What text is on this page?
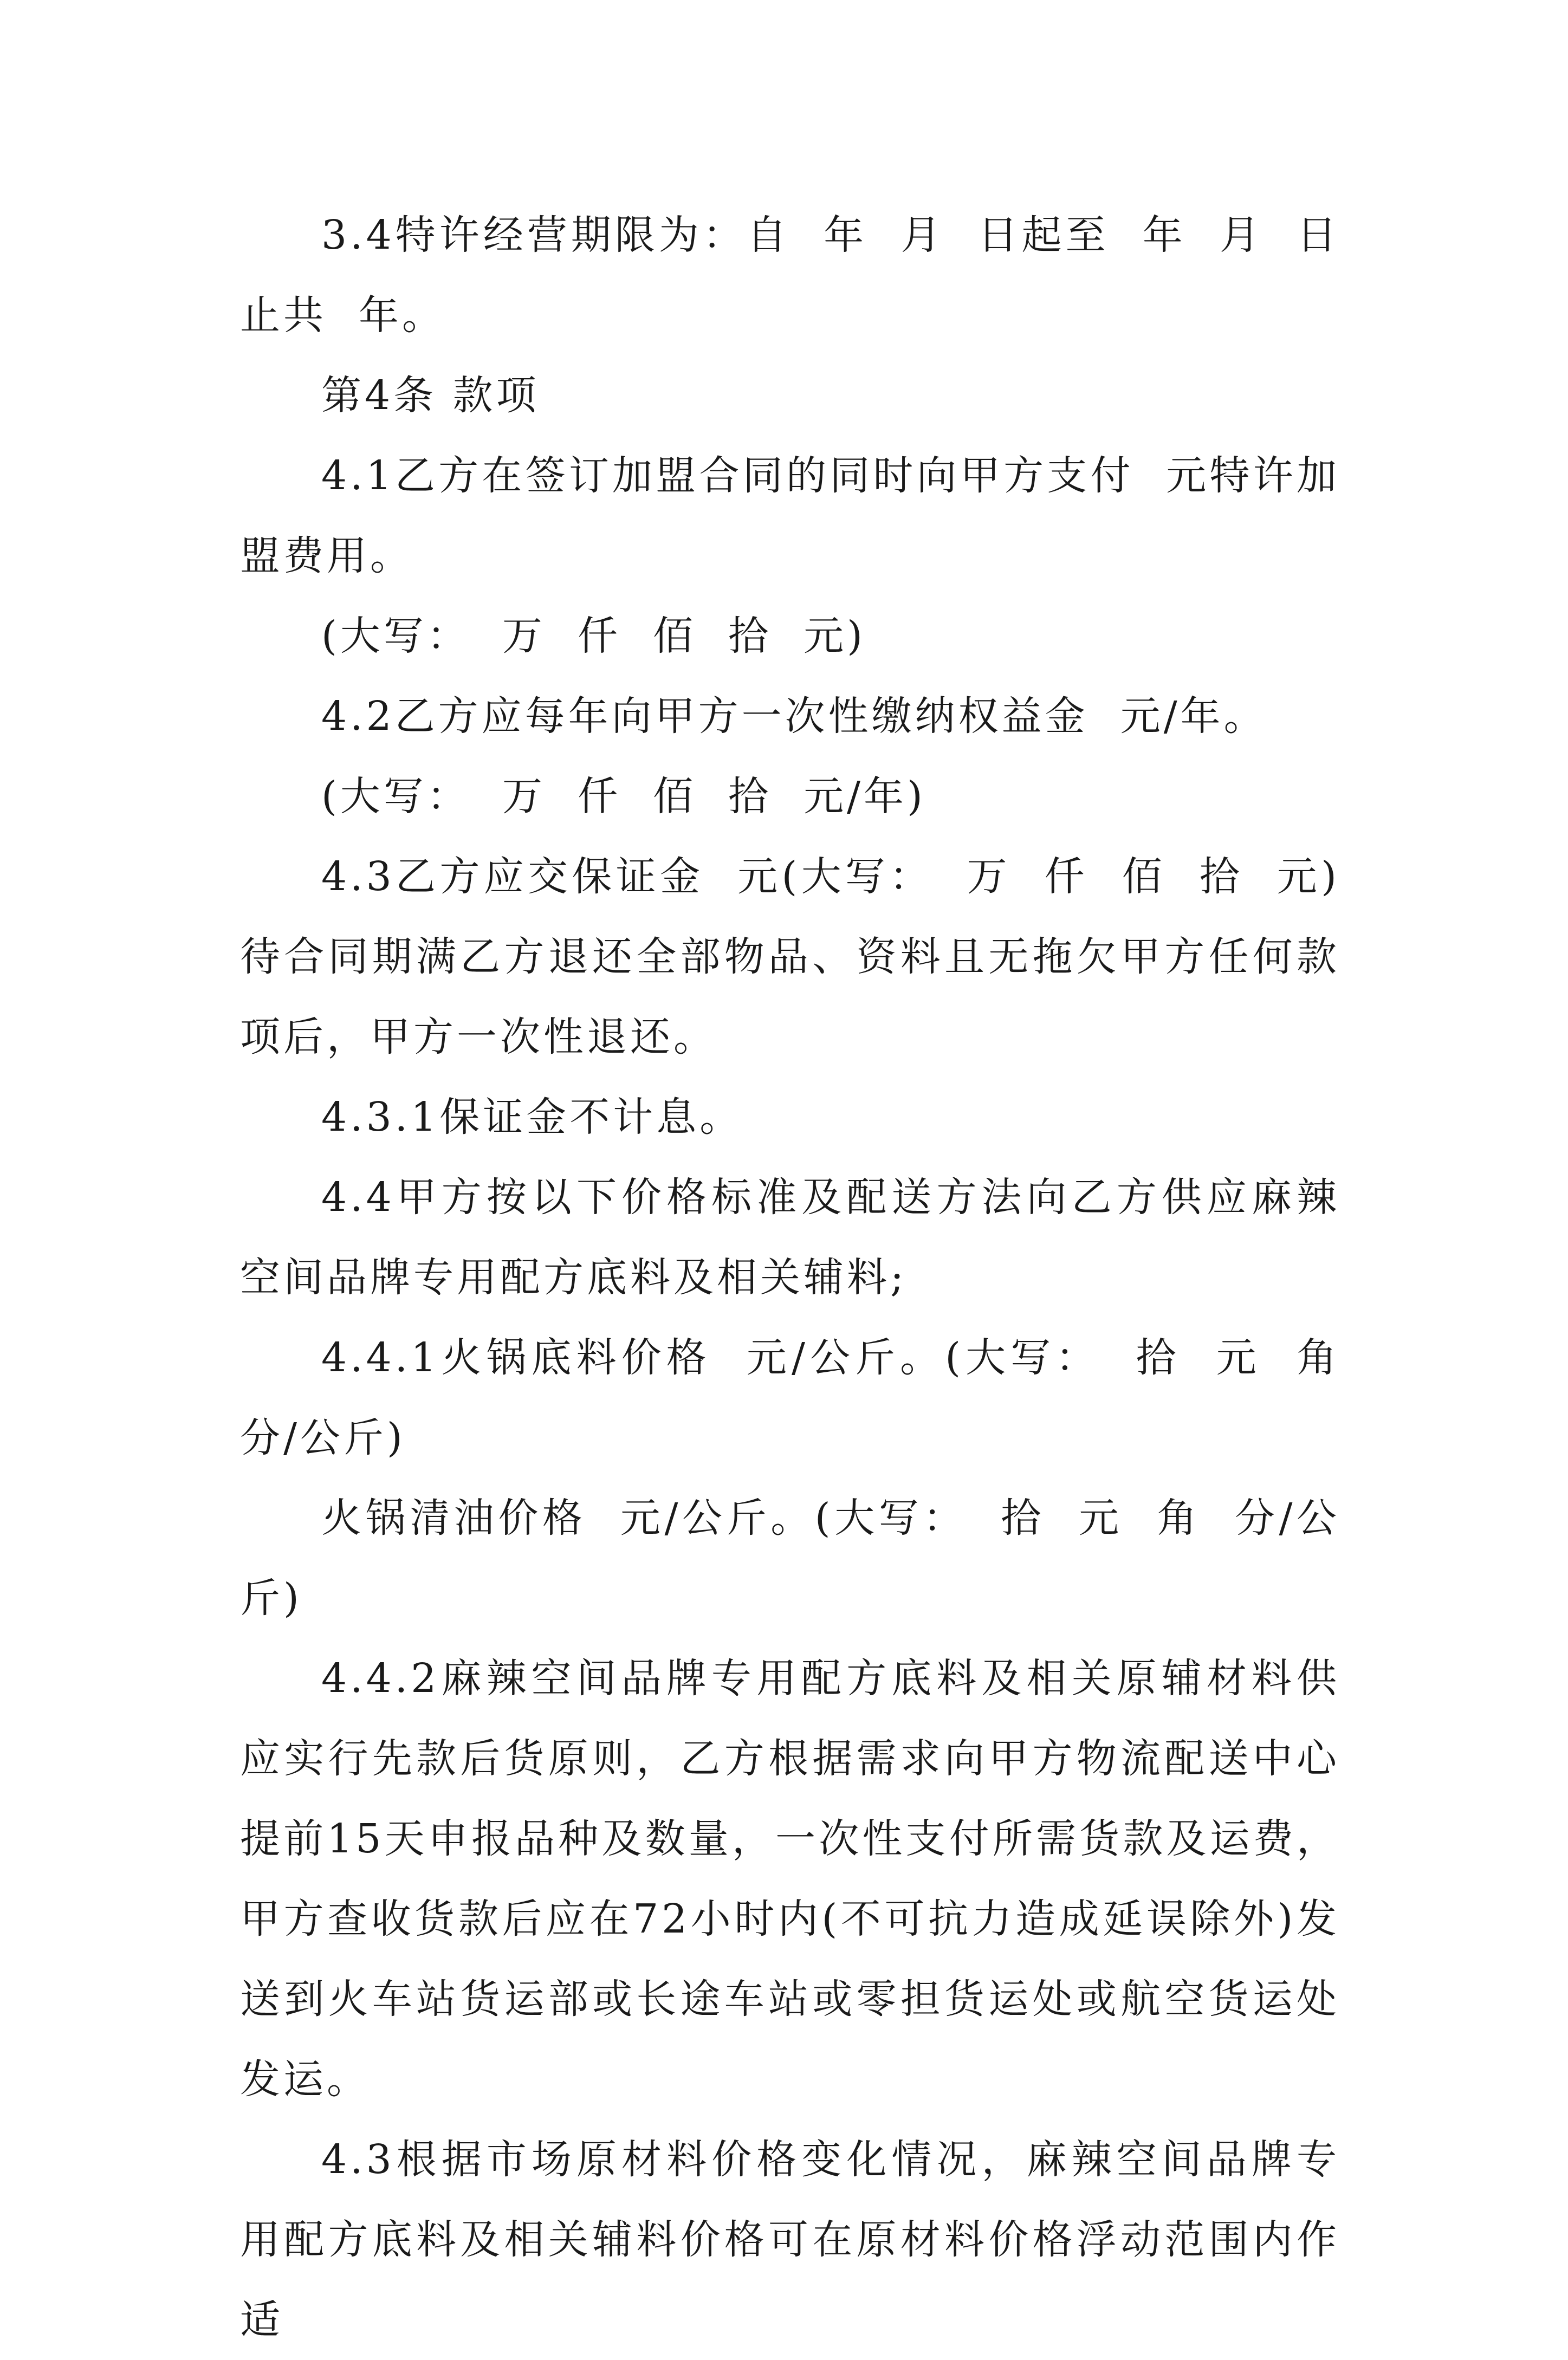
3.4特许经营期限为：自  年  月  日起至  年  月  日止共  年。

第4条 款项

4.1乙方在签订加盟合同的同时向甲方支付  元特许加盟费用。

(大写：  万  仟  佰  拾  元)

4.2乙方应每年向甲方一次性缴纳权益金  元/年。

(大写：  万  仟  佰  拾  元/年)

4.3乙方应交保证金  元(大写：  万  仟  佰  拾  元)待合同期满乙方退还全部物品、资料且无拖欠甲方任何款项后，甲方一次性退还。

4.3.1保证金不计息。

4.4甲方按以下价格标准及配送方法向乙方供应麻辣空间品牌专用配方底料及相关辅料;

4.4.1火锅底料价格  元/公斤。(大写：  拾  元  角  分/公斤)

火锅清油价格  元/公斤。(大写：  拾  元  角  分/公斤)

4.4.2麻辣空间品牌专用配方底料及相关原辅材料供应实行先款后货原则，乙方根据需求向甲方物流配送中心提前15天申报品种及数量，一次性支付所需货款及运费，甲方查收货款后应在72小时内(不可抗力造成延误除外)发送到火车站货运部或长途车站或零担货运处或航空货运处发运。

4.3根据市场原材料价格变化情况，麻辣空间品牌专用配方底料及相关辅料价格可在原材料价格浮动范围内作适
